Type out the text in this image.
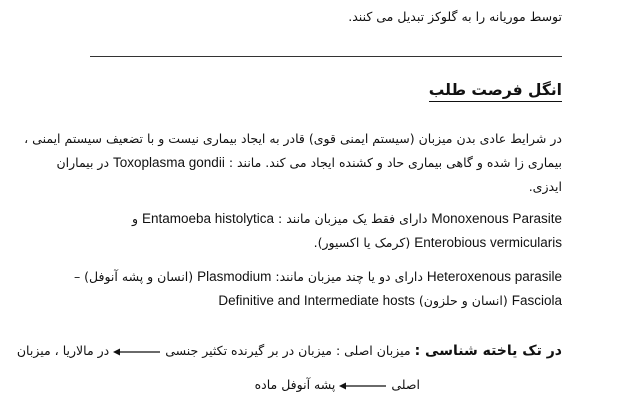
توسط موریانه را به گلوکز تبدیل می کنند.
انگل فرصت طلب
در شرایط عادی بدن میزبان (سیستم ایمنی قوی) قادر به ایجاد بیماری نیست و با تضعیف سیستم ایمنی ،
بیماری زا شده و گاهی بیماری حاد و کشنده ایجاد می کند. مانند : Toxoplasma gondii در بیماران
ایدزی.
Monoxenous Parasite دارای فقط یک میزبان مانند : Entamoeba histolytica و
Enterobious vermicularis (کرمک یا اکسیور).
Heteroxenous parasile دارای دو یا چند میزبان مانند: Plasmodium (انسان و پشه آنوفل) –
Fasciola (انسان و حلزون) Definitive and Intermediate hosts
در تک یاخته شناسی : میزبان اصلی : میزبان در بر گیرنده تکثیر جنسی  در مالاریا ، میزبان
اصلی  پشه آنوفل ماده
